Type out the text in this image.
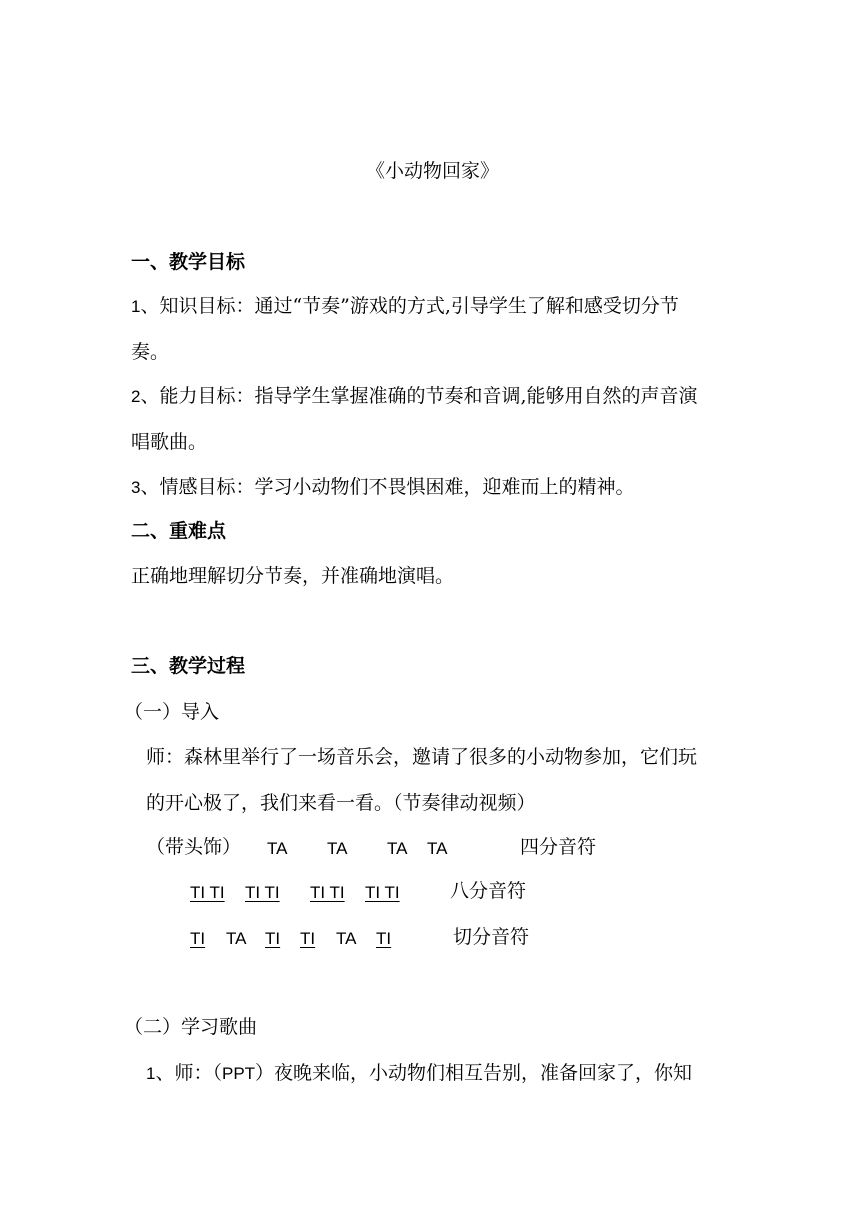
《小动物回家》
一、教学目标
1、知识目标：通过“节奏”游戏的方式,引导学生了解和感受切分节
奏。
2、能力目标：指导学生掌握准确的节奏和音调,能够用自然的声音演
唱歌曲。
3、情感目标：学习小动物们不畏惧困难，迎难而上的精神。
二、重难点
正确地理解切分节奏，并准确地演唱。
三、教学过程
（一）导入
师：森林里举行了一场音乐会，邀请了很多的小动物参加，它们玩
的开心极了，我们来看一看。（节奏律动视频）
（带头饰） TA TA TA TA	四分音符
TI TI TI TI TI TI TI TI	八分音符
TI TA TI TI TA TI	切分音符
（二）学习歌曲
1、师：（PPT）夜晚来临，小动物们相互告别，准备回家了，你知
